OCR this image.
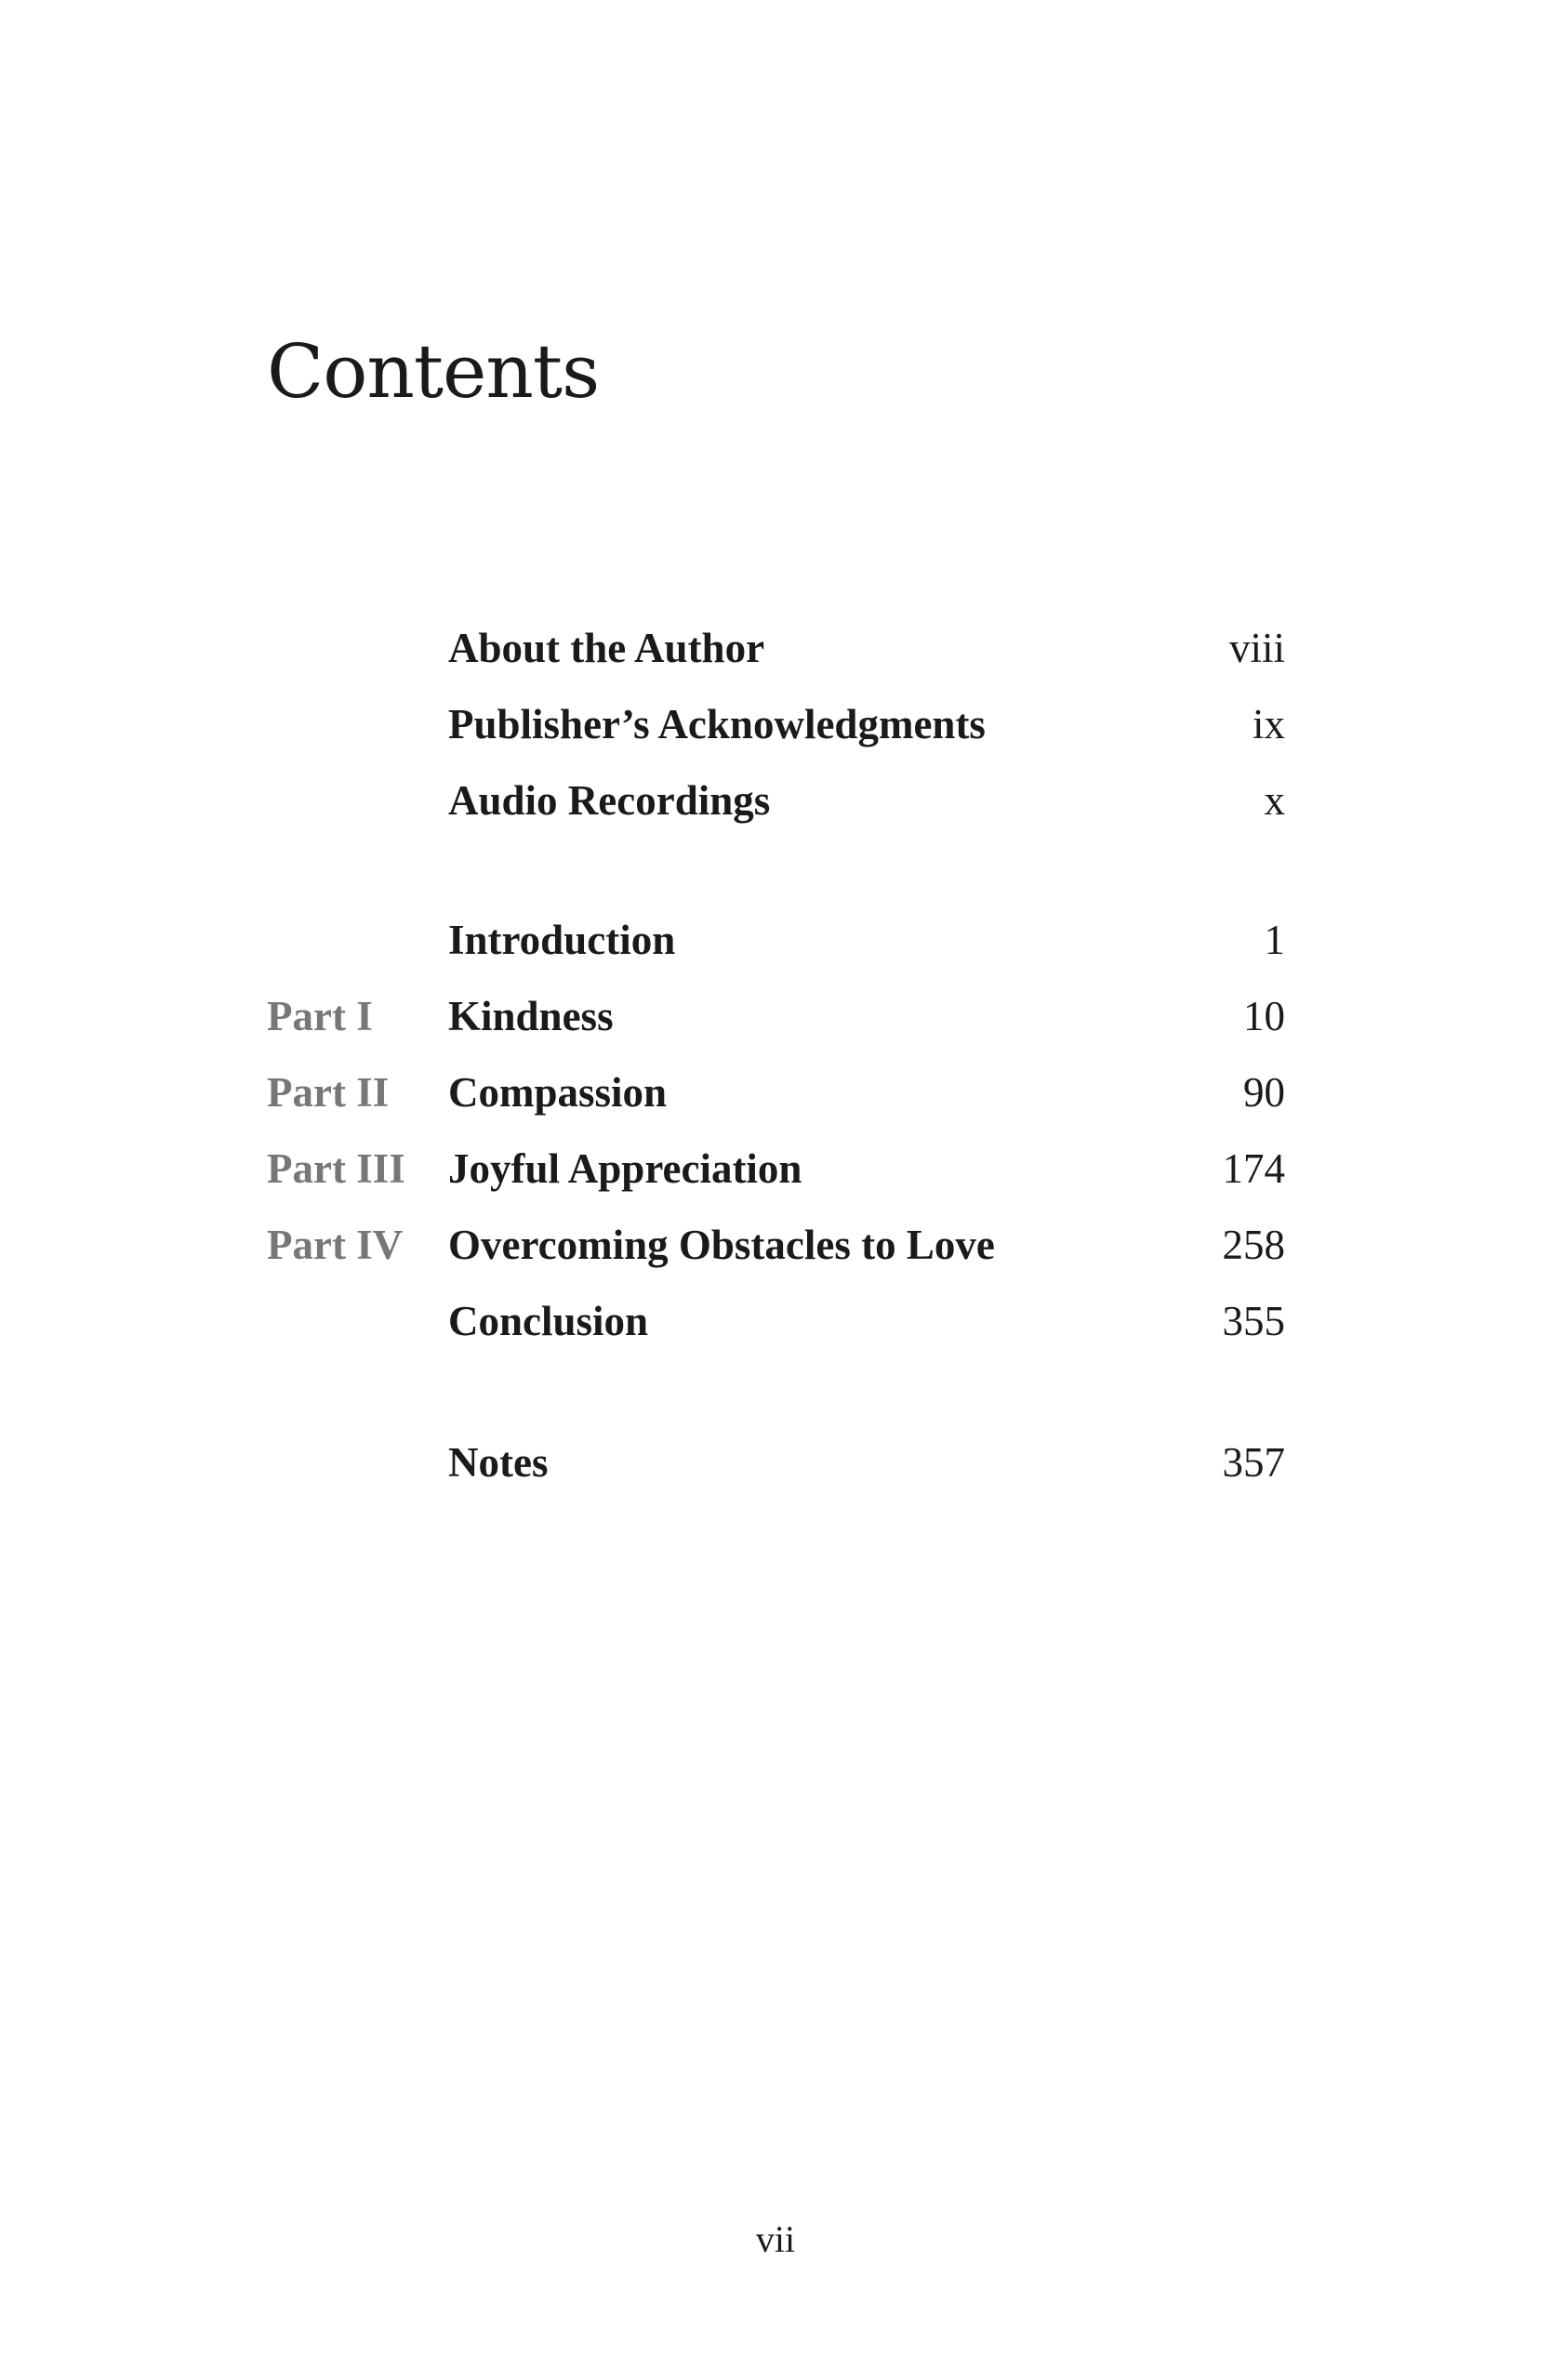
Contents
About the Author	viii
Publisher’s Acknowledgments	ix
Audio Recordings	x
Introduction	1
Part I Kindness	10
Part II Compassion	90
Part III Joyful Appreciation	174
Part IV Overcoming Obstacles to Love	258
Conclusion	355
Notes	357
vii
